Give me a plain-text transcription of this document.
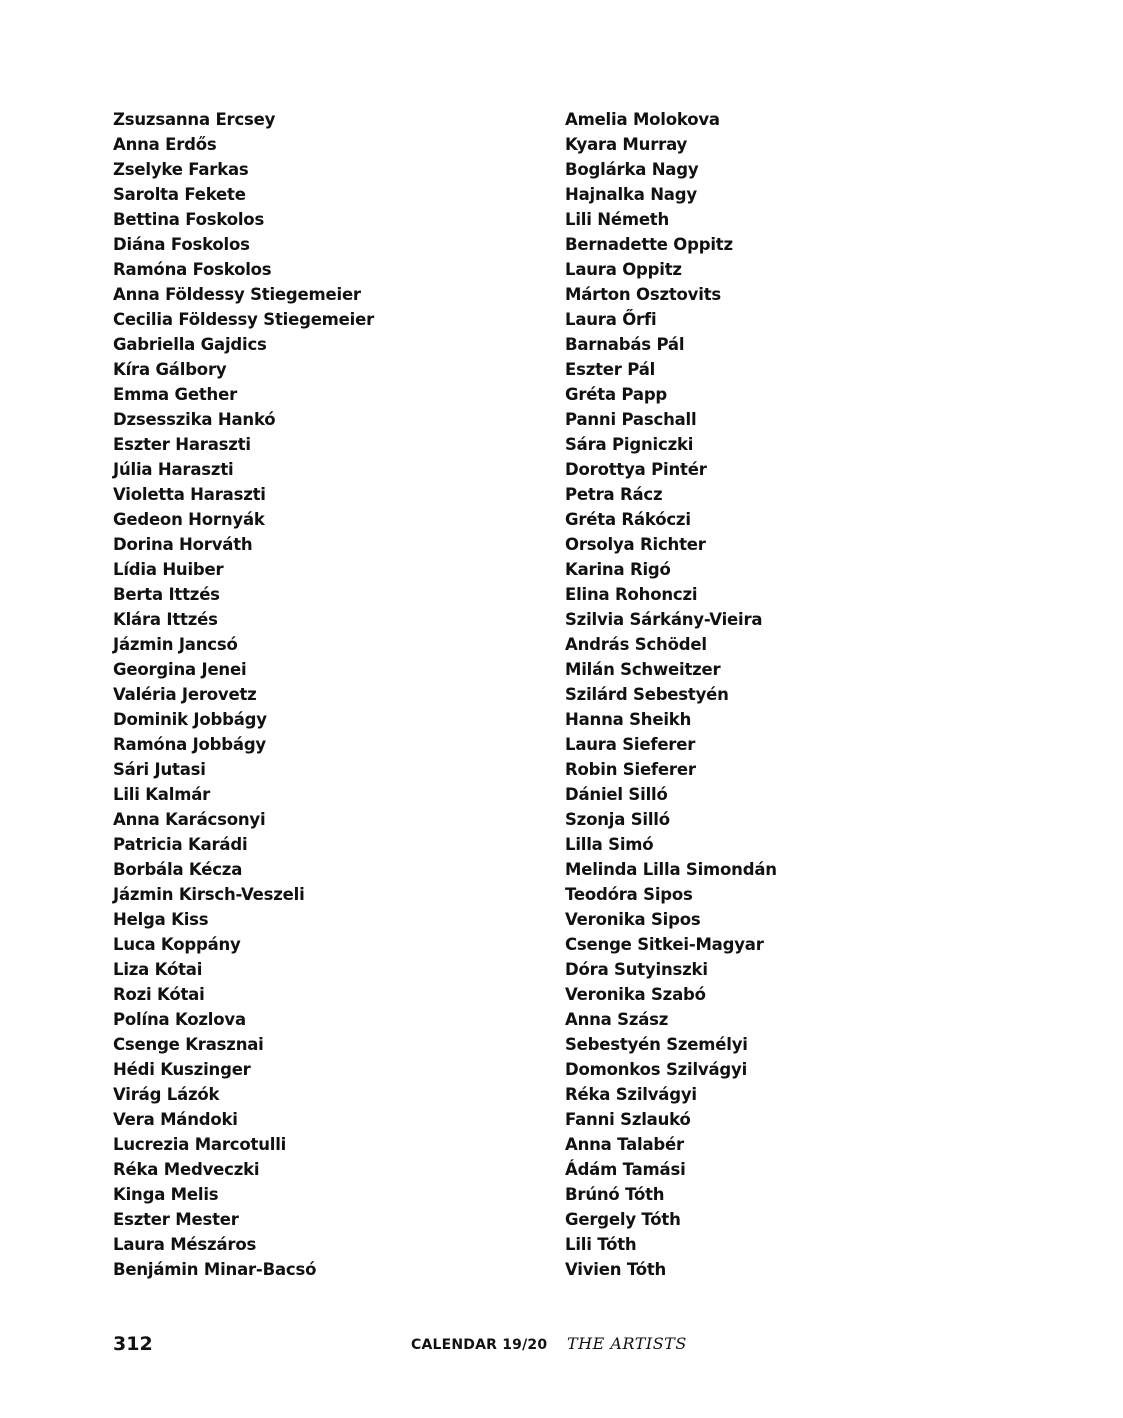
Zsuzsanna Ercsey
Anna Erdős
Zselyke Farkas
Sarolta Fekete
Bettina Foskolos
Diána Foskolos
Ramóna Foskolos
Anna Földessy Stiegemeier
Cecilia Földessy Stiegemeier
Gabriella Gajdics
Kíra Gálbory
Emma Gether
Dzsesszika Hankó
Eszter Haraszti
Júlia Haraszti
Violetta Haraszti
Gedeon Hornyák
Dorina Horváth
Lídia Huiber
Berta Ittzés
Klára Ittzés
Jázmin Jancsó
Georgina Jenei
Valéria Jerovetz
Dominik Jobbágy
Ramóna Jobbágy
Sári Jutasi
Lili Kalmár
Anna Karácsonyi
Patricia Karádi
Borbála Kécza
Jázmin Kirsch-Veszeli
Helga Kiss
Luca Koppány
Liza Kótai
Rozi Kótai
Polína Kozlova
Csenge Krasznai
Hédi Kuszinger
Virág Lázók
Vera Mándoki
Lucrezia Marcotulli
Réka Medveczki
Kinga Melis
Eszter Mester
Laura Mészáros
Benjámin Minar-Bacsó
Amelia Molokova
Kyara Murray
Boglárka Nagy
Hajnalka Nagy
Lili Németh
Bernadette Oppitz
Laura Oppitz
Márton Osztovits
Laura Őrfi
Barnabás Pál
Eszter Pál
Gréta Papp
Panni Paschall
Sára Pigniczki
Dorottya Pintér
Petra Rácz
Gréta Rákóczi
Orsolya Richter
Karina Rigó
Elina Rohonczi
Szilvia Sárkány-Vieira
András Schödel
Milán Schweitzer
Szilárd Sebestyén
Hanna Sheikh
Laura Sieferer
Robin Sieferer
Dániel Silló
Szonja Silló
Lilla Simó
Melinda Lilla Simondán
Teodóra Sipos
Veronika Sipos
Csenge Sitkei-Magyar
Dóra Sutyinszki
Veronika Szabó
Anna Szász
Sebestyén Személyi
Domonkos Szilvágyi
Réka Szilvágyi
Fanni Szlaukó
Anna Talabér
Ádám Tamási
Brúnó Tóth
Gergely Tóth
Lili Tóth
Vivien Tóth
312	CALENDAR 19/20 THE ARTISTS
